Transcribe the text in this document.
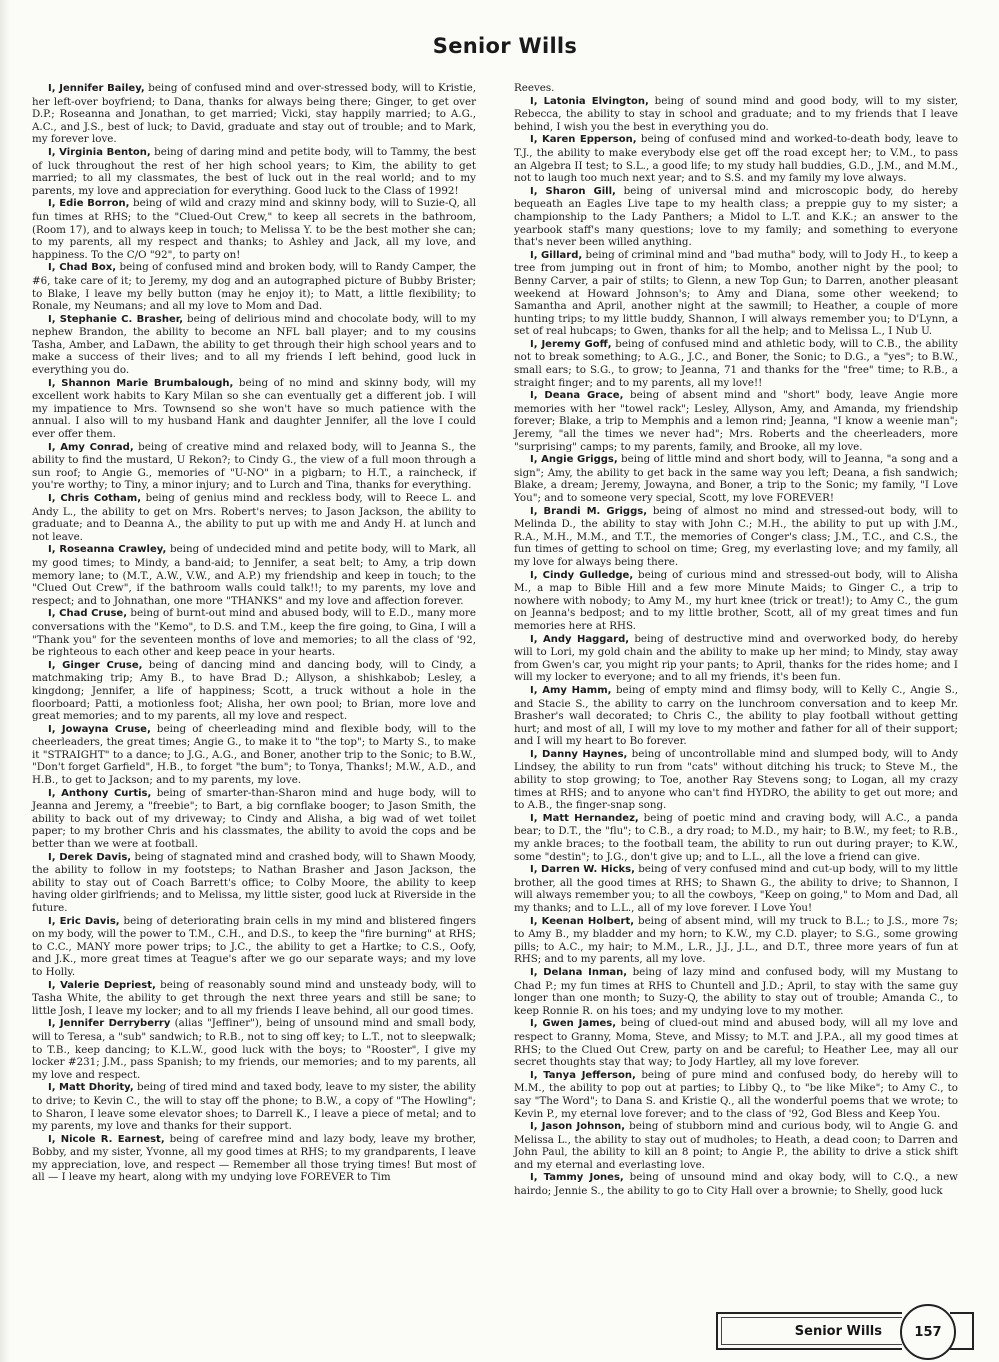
Senior Wills

I, Jennifer Bailey, being of confused mind and over-stressed body, will to Kristie, her left-over boyfriend; to Dana, thanks for always being there; Ginger, to get over D.P.; Roseanna and Jonathan, to get married; Vicki, stay happily married; to A.G., A.C., and J.S., best of luck; to David, graduate and stay out of trouble; and to Mark, my forever love.

I, Virginia Benton, being of daring mind and petite body, will to Tammy, the best of luck throughout the rest of her high school years; to Kim, the ability to get married; to all my classmates, the best of luck out in the real world; and to my parents, my love and appreciation for everything. Good luck to the Class of 1992!

I, Edie Borron, being of wild and crazy mind and skinny body, will to Suzie-Q, all fun times at RHS; to the "Clued-Out Crew," to keep all secrets in the bathroom, (Room 17), and to always keep in touch; to Melissa Y. to be the best mother she can; to my parents, all my respect and thanks; to Ashley and Jack, all my love, and happiness. To the C/O "92", to party on!

I, Chad Box, being of confused mind and broken body, will to Randy Camper, the #6, take care of it; to Jeremy, my dog and an autographed picture of Bubby Brister; to Blake, I leave my belly button (may he enjoy it); to Matt, a little flexibility; to Ronale, my Neumans; and all my love to Mom and Dad.

I, Stephanie C. Brasher, being of delirious mind and chocolate body, will to my nephew Brandon, the ability to become an NFL ball player; and to my cousins Tasha, Amber, and LaDawn, the ability to get through their high school years and to make a success of their lives; and to all my friends I left behind, good luck in everything you do.

I, Shannon Marie Brumbalough, being of no mind and skinny body, will my excellent work habits to Kary Milan so she can eventually get a different job. I will my impatience to Mrs. Townsend so she won't have so much patience with the annual. I also will to my husband Hank and daughter Jennifer, all the love I could ever offer them.

I, Amy Conrad, being of creative mind and relaxed body, will to Jeanna S., the ability to find the mustard, U Rekon?; to Cindy G., the view of a full moon through a sun roof; to Angie G., memories of "U-NO" in a pigbarn; to H.T., a raincheck, if you're worthy; to Tiny, a minor injury; and to Lurch and Tina, thanks for everything.

I, Chris Cotham, being of genius mind and reckless body, will to Reece L. and Andy L., the ability to get on Mrs. Robert's nerves; to Jason Jackson, the ability to graduate; and to Deanna A., the ability to put up with me and Andy H. at lunch and not leave.

I, Roseanna Crawley, being of undecided mind and petite body, will to Mark, all my good times; to Mindy, a band-aid; to Jennifer, a seat belt; to Amy, a trip down memory lane; to (M.T., A.W., V.W., and A.P.) my friendship and keep in touch; to the "Clued Out Crew", if the bathroom walls could talk!!; to my parents, my love and respect; and to Johnathan, one more "THANKS" and my love and affection forever.

I, Chad Cruse, being of burnt-out mind and abused body, will to E.D., many more conversations with the "Kemo", to D.S. and T.M., keep the fire going, to Gina, I will a "Thank you" for the seventeen months of love and memories; to all the class of '92, be righteous to each other and keep peace in your hearts.

I, Ginger Cruse, being of dancing mind and dancing body, will to Cindy, a matchmaking trip; Amy B., to have Brad D.; Allyson, a shishkabob; Lesley, a kingdong; Jennifer, a life of happiness; Scott, a truck without a hole in the floorboard; Patti, a motionless foot; Alisha, her own pool; to Brian, more love and great memories; and to my parents, all my love and respect.

I, Jowayna Cruse, being of cheerleading mind and flexible body, will to the cheerleaders, the great times; Angie G., to make it to "the top"; to Marty S., to make it "STRAIGHT" to a dance; to J.G., A.G., and Boner, another trip to the Sonic; to B.W., "Don't forget Garfield", H.B., to forget "the bum"; to Tonya, Thanks!; M.W., A.D., and H.B., to get to Jackson; and to my parents, my love.

I, Anthony Curtis, being of smarter-than-Sharon mind and huge body, will to Jeanna and Jeremy, a "freebie"; to Bart, a big cornflake booger; to Jason Smith, the ability to back out of my driveway; to Cindy and Alisha, a big wad of wet toilet paper; to my brother Chris and his classmates, the ability to avoid the cops and be better than we were at football.

I, Derek Davis, being of stagnated mind and crashed body, will to Shawn Moody, the ability to follow in my footsteps; to Nathan Brasher and Jason Jackson, the ability to stay out of Coach Barrett's office; to Colby Moore, the ability to keep having older girlfriends; and to Melissa, my little sister, good luck at Riverside in the future.

I, Eric Davis, being of deteriorating brain cells in my mind and blistered fingers on my body, will the power to T.M., C.H., and D.S., to keep the "fire burning" at RHS; to C.C., MANY more power trips; to J.C., the ability to get a Hartke; to C.S., Oofy, and J.K., more great times at Teague's after we go our separate ways; and my love to Holly.

I, Valerie Depriest, being of reasonably sound mind and unsteady body, will to Tasha White, the ability to get through the next three years and still be sane; to little Josh, I leave my locker; and to all my friends I leave behind, all our good times.

I, Jennifer Derryberry (alias "Jeffiner"), being of unsound mind and small body, will to Teresa, a "sub" sandwich; to R.B., not to sing off key; to L.T., not to sleepwalk; to T.B., keep dancing; to K.L.W., good luck with the boys; to "Rooster", I give my locker #231; J.M., pass Spanish; to my friends, our memories; and to my parents, all my love and respect.

I, Matt Dhority, being of tired mind and taxed body, leave to my sister, the ability to drive; to Kevin C., the will to stay off the phone; to B.W., a copy of "The Howling"; to Sharon, I leave some elevator shoes; to Darrell K., I leave a piece of metal; and to my parents, my love and thanks for their support.

I, Nicole R. Earnest, being of carefree mind and lazy body, leave my brother, Bobby, and my sister, Yvonne, all my good times at RHS; to my grandparents, I leave my appreciation, love, and respect — Remember all those trying times! But most of all — I leave my heart, along with my undying love FOREVER to Tim

Reeves.

I, Latonia Elvington, being of sound mind and good body, will to my sister, Rebecca, the ability to stay in school and graduate; and to my friends that I leave behind, I wish you the best in everything you do.

I, Karen Epperson, being of confused mind and worked-to-death body, leave to T.J., the ability to make everybody else get off the road except her; to V.M., to pass an Algebra II test; to S.L., a good life; to my study hall buddies, G.D., J.M., and M.M., not to laugh too much next year; and to S.S. and my family my love always.

I, Sharon Gill, being of universal mind and microscopic body, do hereby bequeath an Eagles Live tape to my health class; a preppie guy to my sister; a championship to the Lady Panthers; a Midol to L.T. and K.K.; an answer to the yearbook staff's many questions; love to my family; and something to everyone that's never been willed anything.

I, Gillard, being of criminal mind and "bad mutha" body, will to Jody H., to keep a tree from jumping out in front of him; to Mombo, another night by the pool; to Benny Carver, a pair of stilts; to Glenn, a new Top Gun; to Darren, another pleasant weekend at Howard Johnson's; to Amy and Diana, some other weekend; to Samantha and April, another night at the sawmill; to Heather, a couple of more hunting trips; to my little buddy, Shannon, I will always remember you; to D'Lynn, a set of real hubcaps; to Gwen, thanks for all the help; and to Melissa L., I Nub U.

I, Jeremy Goff, being of confused mind and athletic body, will to C.B., the ability not to break something; to A.G., J.C., and Boner, the Sonic; to D.G., a "yes"; to B.W., small ears; to S.G., to grow; to Jeanna, 71 and thanks for the "free" time; to R.B., a straight finger; and to my parents, all my love!!

I, Deana Grace, being of absent mind and "short" body, leave Angie more memories with her "towel rack"; Lesley, Allyson, Amy, and Amanda, my friendship forever; Blake, a trip to Memphis and a lemon rind; Jeanna, "I know a weenie man"; Jeremy, "all the times we never had"; Mrs. Roberts and the cheerleaders, more "surprising" camps; to my parents, family, and Brooke, all my love.

I, Angie Griggs, being of little mind and short body, will to Jeanna, "a song and a sign"; Amy, the ability to get back in the same way you left; Deana, a fish sandwich; Blake, a dream; Jeremy, Jowayna, and Boner, a trip to the Sonic; my family, "I Love You"; and to someone very special, Scott, my love FOREVER!

I, Brandi M. Griggs, being of almost no mind and stressed-out body, will to Melinda D., the ability to stay with John C.; M.H., the ability to put up with J.M., R.A., M.H., M.M., and T.T., the memories of Conger's class; J.M., T.C., and C.S., the fun times of getting to school on time; Greg, my everlasting love; and my family, all my love for always being there.

I, Cindy Gulledge, being of curious mind and stressed-out body, will to Alisha M., a map to Bible Hill and a few more Minute Maids; to Ginger C., a trip to nowhere with nobody; to Amy M., my hurt knee (trick or treat!); to Amy C., the gum on Jeanna's bedpost; and to my little brother, Scott, all of my great times and fun memories here at RHS.

I, Andy Haggard, being of destructive mind and overworked body, do hereby will to Lori, my gold chain and the ability to make up her mind; to Mindy, stay away from Gwen's car, you might rip your pants; to April, thanks for the rides home; and I will my locker to everyone; and to all my friends, it's been fun.

I, Amy Hamm, being of empty mind and flimsy body, will to Kelly C., Angie S., and Stacie S., the ability to carry on the lunchroom conversation and to keep Mr. Brasher's wall decorated; to Chris C., the ability to play football without getting hurt; and most of all, I will my love to my mother and father for all of their support; and I will my heart to Bo forever.

I, Danny Haynes, being of uncontrollable mind and slumped body, will to Andy Lindsey, the ability to run from "cats" without ditching his truck; to Steve M., the ability to stop growing; to Toe, another Ray Stevens song; to Logan, all my crazy times at RHS; and to anyone who can't find HYDRO, the ability to get out more; and to A.B., the finger-snap song.

I, Matt Hernandez, being of poetic mind and craving body, will A.C., a panda bear; to D.T., the "flu"; to C.B., a dry road; to M.D., my hair; to B.W., my feet; to R.B., my ankle braces; to the football team, the ability to run out during prayer; to K.W., some "destin"; to J.G., don't give up; and to L.L., all the love a friend can give.

I, Darren W. Hicks, being of very confused mind and cut-up body, will to my little brother, all the good times at RHS; to Shawn G., the ability to drive; to Shannon, I will always remember you; to all the cowboys, "Keep on going," to Mom and Dad, all my thanks; and to L.L., all of my love forever. I Love You!

I, Keenan Holbert, being of absent mind, will my truck to B.L.; to J.S., more 7s; to Amy B., my bladder and my horn; to K.W., my C.D. player; to S.G., some growing pills; to A.C., my hair; to M.M., L.R., J.J., J.L., and D.T., three more years of fun at RHS; and to my parents, all my love.

I, Delana Inman, being of lazy mind and confused body, will my Mustang to Chad P.; my fun times at RHS to Chuntell and J.D.; April, to stay with the same guy longer than one month; to Suzy-Q, the ability to stay out of trouble; Amanda C., to keep Ronnie R. on his toes; and my undying love to my mother.

I, Gwen James, being of clued-out mind and abused body, will all my love and respect to Granny, Moma, Steve, and Missy; to M.T. and J.P.A., all my good times at RHS; to the Clued Out Crew, party on and be careful; to Heather Lee, may all our secret thoughts stay that way; to Jody Hartley, all my love forever.

I, Tanya Jefferson, being of pure mind and confused body, do hereby will to M.M., the ability to pop out at parties; to Libby Q., to "be like Mike"; to Amy C., to say "The Word"; to Dana S. and Kristie Q., all the wonderful poems that we wrote; to Kevin P., my eternal love forever; and to the class of '92, God Bless and Keep You.

I, Jason Johnson, being of stubborn mind and curious body, wil to Angie G. and Melissa L., the ability to stay out of mudholes; to Heath, a dead coon; to Darren and John Paul, the ability to kill an 8 point; to Angie P., the ability to drive a stick shift and my eternal and everlasting love.

I, Tammy Jones, being of unsound mind and okay body, will to C.Q., a new hairdo; Jennie S., the ability to go to City Hall over a brownie; to Shelly, good luck

Senior Wills 157
